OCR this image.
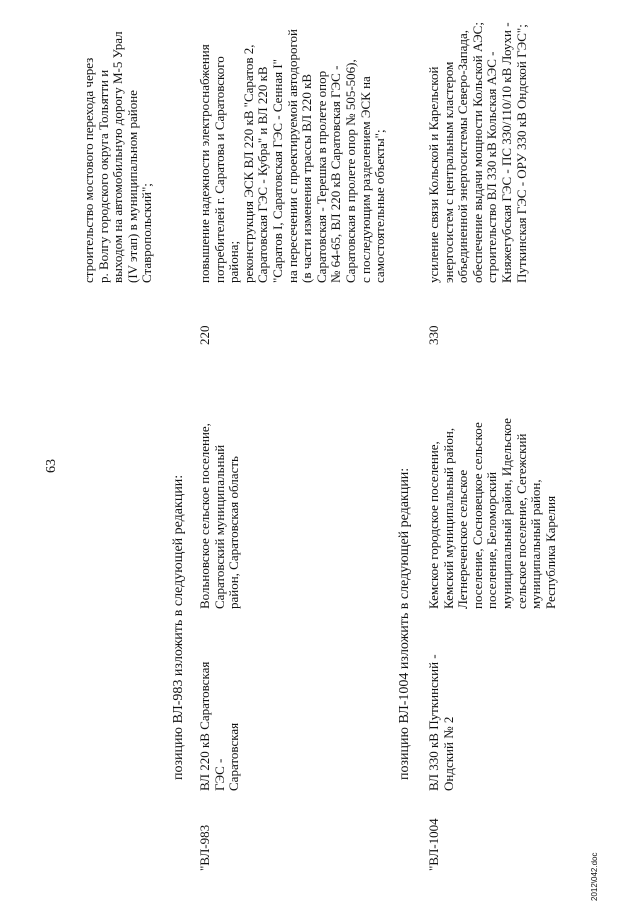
63
строительство мостового перехода через
р. Волгу городского округа Тольятти и
выходом на автомобильную дорогу М-5 Урал
(IV этап) в муниципальном районе
Ставропольский";
позицию ВЛ-983 изложить в следующей редакции:
"ВЛ-983
ВЛ 220 кВ Саратовская ГЭС -
Саратовская
Вольновское сельское поселение,
Саратовский муниципальный
район, Саратовская область
220
повышение надежности электроснабжения
потребителей г. Саратова и Саратовского
района;
реконструкция ЭСК ВЛ 220 кВ "Саратов 2,
Саратовская ГЭС - Кубра" и ВЛ 220 кВ
"Саратов I, Саратовская ГЭС - Сенная I"
на пересечении с проектируемой автодорогой
(в части изменения трассы ВЛ 220 кВ
Саратовская - Терешка в пролете опор
№ 64-65, ВЛ 220 кВ Саратовская ГЭС -
Саратовская в пролете опор № 505-506),
с последующим разделением ЭСК на
самостоятельные объекты";
позицию ВЛ-1004 изложить в следующей редакции:
"ВЛ-1004
ВЛ 330 кВ Путкинский -
Ондский № 2
Кемское городское поселение,
Кемский муниципальный район,
Летнереченское сельское
поселение, Сосновецкое сельское
поселение, Беломорский
муниципальный район, Идельское
сельское поселение, Сегежский
муниципальный район,
Республика Карелия
330
усиление связи Кольской и Карельской
энергосистем с центральным кластером
объединенной энергосистемы Северо-Запада,
обеспечение выдачи мощности Кольской АЭС;
строительство ВЛ 330 кВ Кольская АЭС -
Княжегубская ГЭС - ПС 330/110/10 кВ Лоухи -
Путкинская ГЭС - ОРУ 330 кВ Ондской ГЭС";
2012\042.doc
